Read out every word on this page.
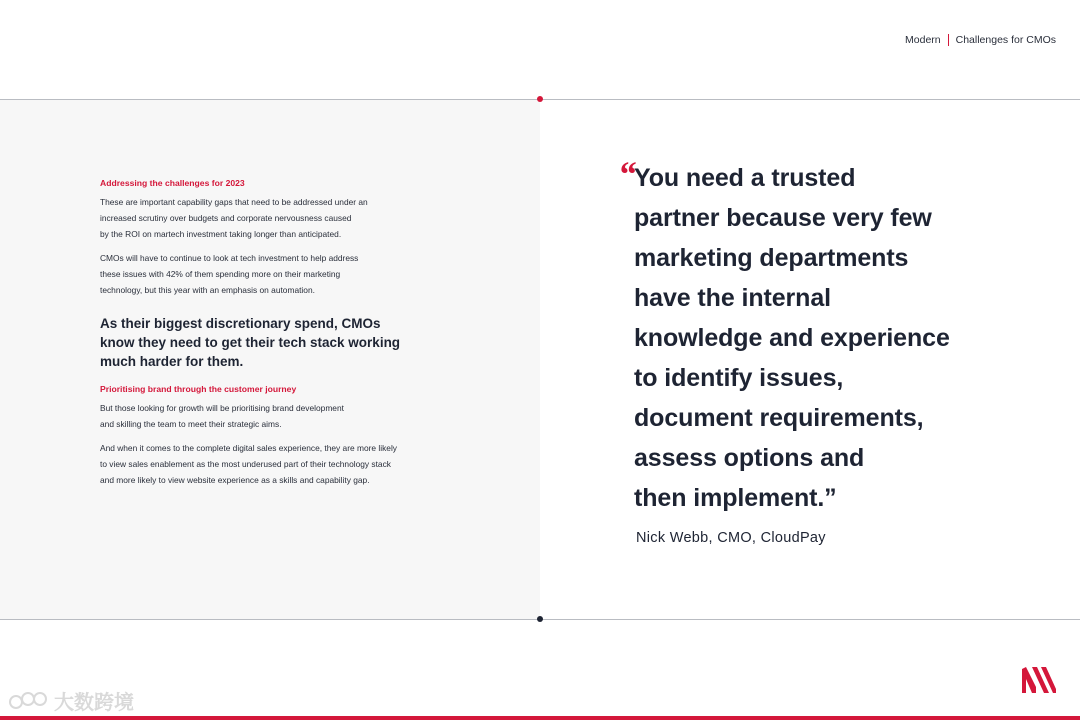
Modern Challenges for CMOs
Addressing the challenges for 2023
These are important capability gaps that need to be addressed under an
increased scrutiny over budgets and corporate nervousness caused
by the ROI on martech investment taking longer than anticipated.
CMOs will have to continue to look at tech investment to help address
these issues with 42% of them spending more on their marketing
technology, but this year with an emphasis on automation.
As their biggest discretionary spend, CMOs
know they need to get their tech stack working
much harder for them.
Prioritising brand through the customer journey
But those looking for growth will be prioritising brand development
and skilling the team to meet their strategic aims.
And when it comes to the complete digital sales experience, they are more likely
to view sales enablement as the most underused part of their technology stack
and more likely to view website experience as a skills and capability gap.
“
You need a trusted
partner because very few
marketing departments
have the internal
knowledge and experience
to identify issues,
document requirements,
assess options and
then implement.”
Nick Webb, CMO, CloudPay
大数跨境
